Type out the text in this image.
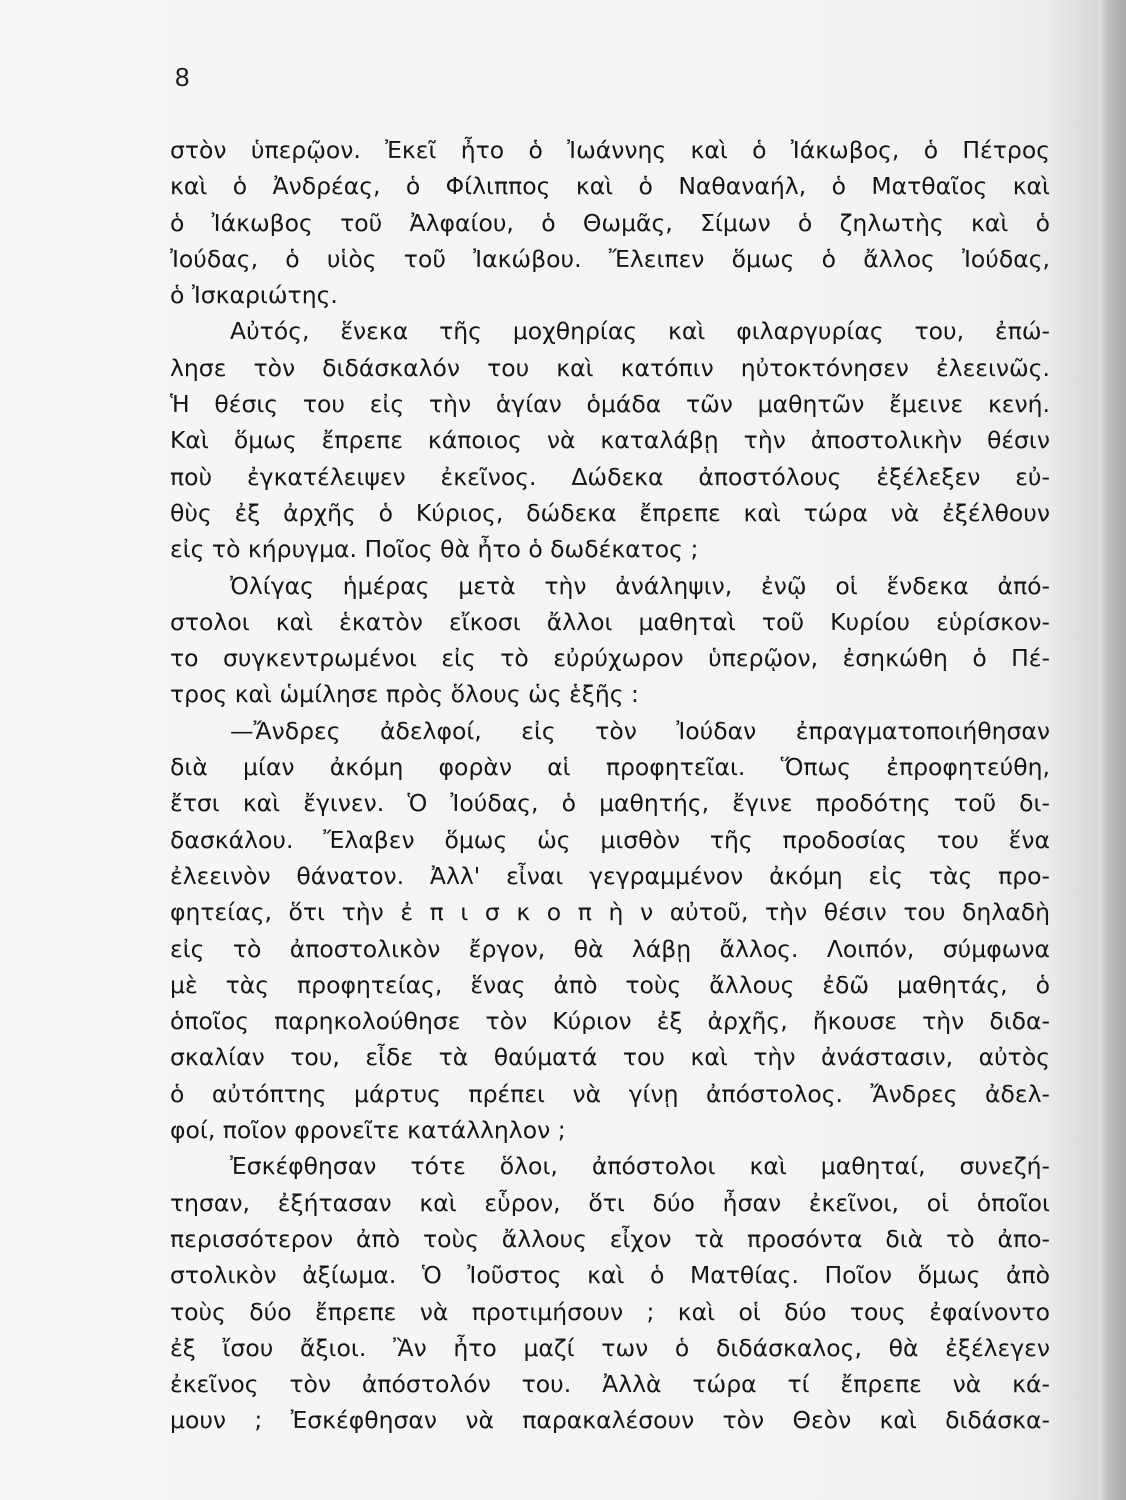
8
στὸν ὑπερῷον. Ἐκεῖ ἦτο ὁ Ἰωάννης καὶ ὁ Ἰάκωβος, ὁ Πέτρος
καὶ ὁ Ἀνδρέας, ὁ Φίλιππος καὶ ὁ Ναθαναήλ, ὁ Ματθαῖος καὶ
ὁ Ἰάκωβος τοῦ Ἀλφαίου, ὁ Θωμᾶς, Σίμων ὁ ζηλωτὴς καὶ ὁ
Ἰούδας, ὁ υἱὸς τοῦ Ἰακώβου. Ἔλειπεν ὅμως ὁ ἄλλος Ἰούδας,
ὁ Ἰσκαριώτης.
Αὐτός, ἕνεκα τῆς μοχθηρίας καὶ φιλαργυρίας του, ἐπώ-
λησε τὸν διδάσκαλόν του καὶ κατόπιν ηὐτοκτόνησεν ἐλεεινῶς.
Ἡ θέσις του εἰς τὴν ἁγίαν ὁμάδα τῶν μαθητῶν ἔμεινε κενή.
Καὶ ὅμως ἔπρεπε κάποιος νὰ καταλάβῃ τὴν ἀποστολικὴν θέσιν
ποὺ ἐγκατέλειψεν ἐκεῖνος. Δώδεκα ἀποστόλους ἐξέλεξεν εὐ-
θὺς ἐξ ἀρχῆς ὁ Κύριος, δώδεκα ἔπρεπε καὶ τώρα νὰ ἐξέλθουν
εἰς τὸ κήρυγμα. Ποῖος θὰ ἦτο ὁ δωδέκατος ;
Ὀλίγας ἡμέρας μετὰ τὴν ἀνάληψιν, ἐνῷ οἱ ἕνδεκα ἀπό-
στολοι καὶ ἑκατὸν εἴκοσι ἄλλοι μαθηταὶ τοῦ Κυρίου εὑρίσκον-
το συγκεντρωμένοι εἰς τὸ εὐρύχωρον ὑπερῷον, ἐσηκώθη ὁ Πέ-
τρος καὶ ὡμίλησε πρὸς ὅλους ὡς ἑξῆς :
—Ἄνδρες ἀδελφοί, εἰς τὸν Ἰούδαν ἐπραγματοποιήθησαν
διὰ μίαν ἀκόμη φορὰν αἱ προφητεῖαι. Ὅπως ἐπροφητεύθη,
ἔτσι καὶ ἔγινεν. Ὁ Ἰούδας, ὁ μαθητής, ἔγινε προδότης τοῦ δι-
δασκάλου. Ἔλαβεν ὅμως ὡς μισθὸν τῆς προδοσίας του ἕνα
ἐλεεινὸν θάνατον. Ἀλλ' εἶναι γεγραμμένον ἀκόμη εἰς τὰς προ-
φητείας, ὅτι τὴν ἐ π ι σ κ ο π ὴ ν αὐτοῦ, τὴν θέσιν του δηλαδὴ
εἰς τὸ ἀποστολικὸν ἔργον, θὰ λάβῃ ἄλλος. Λοιπόν, σύμφωνα
μὲ τὰς προφητείας, ἕνας ἀπὸ τοὺς ἄλλους ἐδῶ μαθητάς, ὁ
ὁποῖος παρηκολούθησε τὸν Κύριον ἐξ ἀρχῆς, ἤκουσε τὴν διδα-
σκαλίαν του, εἶδε τὰ θαύματά του καὶ τὴν ἀνάστασιν, αὐτὸς
ὁ αὐτόπτης μάρτυς πρέπει νὰ γίνῃ ἀπόστολος. Ἄνδρες ἀδελ-
φοί, ποῖον φρονεῖτε κατάλληλον ;
Ἐσκέφθησαν τότε ὅλοι, ἀπόστολοι καὶ μαθηταί, συνεζή-
τησαν, ἐξήτασαν καὶ εὗρον, ὅτι δύο ἦσαν ἐκεῖνοι, οἱ ὁποῖοι
περισσότερον ἀπὸ τοὺς ἄλλους εἶχον τὰ προσόντα διὰ τὸ ἀπο-
στολικὸν ἀξίωμα. Ὁ Ἰοῦστος καὶ ὁ Ματθίας. Ποῖον ὅμως ἀπὸ
τοὺς δύο ἔπρεπε νὰ προτιμήσουν ; καὶ οἱ δύο τους ἐφαίνοντο
ἐξ ἴσου ἄξιοι. Ἂν ἦτο μαζί των ὁ διδάσκαλος, θὰ ἐξέλεγεν
ἐκεῖνος τὸν ἀπόστολόν του. Ἀλλὰ τώρα τί ἔπρεπε νὰ κά-
μουν ; Ἐσκέφθησαν νὰ παρακαλέσουν τὸν Θεὸν καὶ διδάσκα-
